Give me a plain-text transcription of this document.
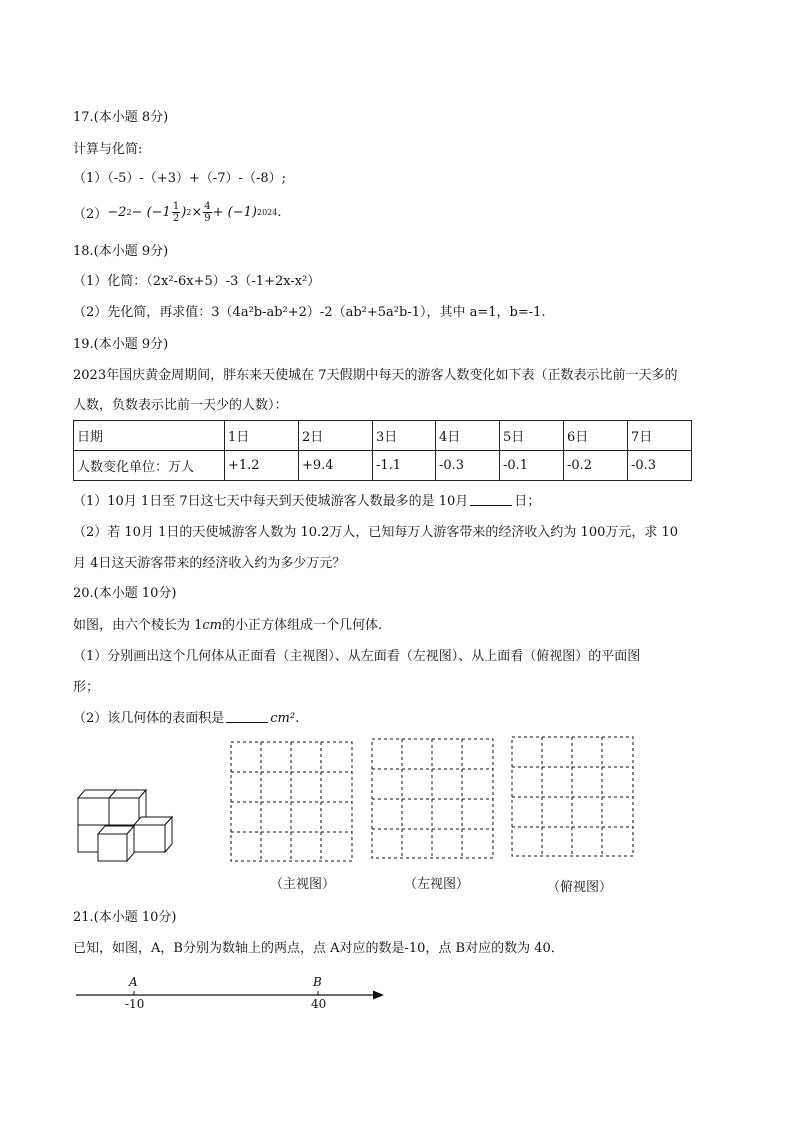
17.(本小题 8分)
计算与化简:
（1）（-5）-（+3）+（-7）-（-8）;
（2） −2 $2 - (-1 \frac{1}{2}$ ) $2 \times \frac{4}{9} + (-1)$ 2024 .
18.(本小题 9分)
（1）化简：（2x²-6x+5）-3（-1+2x-x²）
（2）先化简，再求值：3（4a²b-ab²+2）-2（ab²+5a²b-1），其中 a=1，b=-1.
19.(本小题 9分)
2023年国庆黄金周期间，胖东来天使城在 7天假期中每天的游客人数变化如下表（正数表示比前一天多的
人数，负数表示比前一天少的人数）：
日期	1日	2日	3日	4日	5日	6日	7日
人数变化单位：万人	+1.2	+9.4	-1.1	-0.3	-0.1	-0.2	-0.3
（1）10月 1日至 7日这七天中每天到天使城游客人数最多的是 10月	日；
（2）若 10月 1日的天使城游客人数为 10.2万人，已知每万人游客带来的经济收入约为 100万元，求 10
月 4日这天游客带来的经济收入约为多少万元？
20.(本小题 10分)
如图，由六个棱长为 1cm的小正方体组成一个几何体.
（1）分别画出这个几何体从正面看（主视图）、从左面看（左视图）、从上面看（俯视图）的平面图
形；
（2）该几何体的表面积是	cm².
（主视图）	（左视图）	（俯视图）
21.(本小题 10分)
已知，如图，A，B分别为数轴上的两点，点 A对应的数是-10，点 B对应的数为 40．
A
-10
B
40
